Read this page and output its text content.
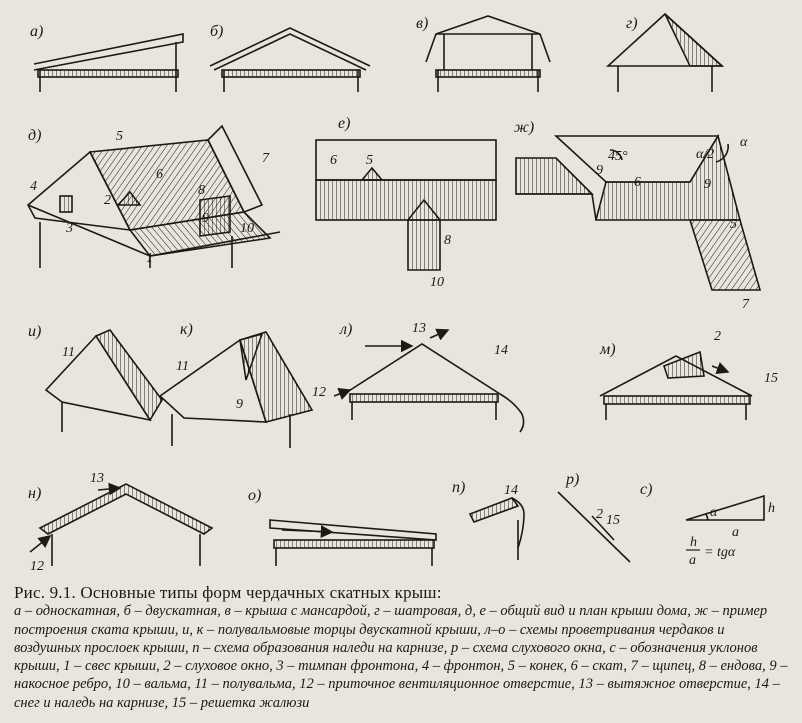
а)	б)	в)	г)
д)	5
7
6
4
2
8
3
9
10
1
е)
6 5
8
10
ж)
45°	α/2
α
9
6	9
5
7
и)
11
к)
11
9
л)	13
14
12
м)
2
15
н)
13
12
о)	п)	14
р)
2 15
с)
α	h
a
h
a
= tgα
Рис. 9.1. Основные типы форм чердачных скатных крыш:
а – односкатная, б – двускатная, в – крыша с мансардой, г – шатровая, д, е – общий вид и план крыши дома, ж – пример построения ската крыши, и, к – полувальмовые торцы двускатной крыши, л–о – схемы проветривания чердаков и воздушных прослоек крыши, п – схема образования наледи на карнизе, р – схема слухового окна, с – обозначения уклонов крыши, 1 – свес крыши, 2 – слуховое окно, 3 – тимпан фронтона, 4 – фронтон, 5 – конек, 6 – скат, 7 – щипец, 8 – ендова, 9 – накосное ребро, 10 – вальма, 11 – полувальма, 12 – приточное вентиляционное отверстие, 13 – вытяжное отверстие, 14 – снег и наледь на карнизе, 15 – решетка жалюзи
